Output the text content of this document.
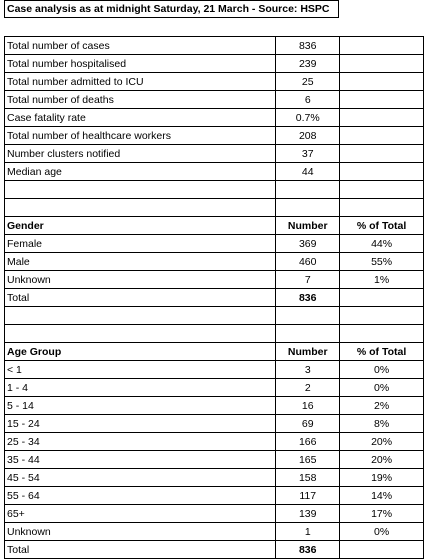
Case analysis as at midnight Saturday, 21 March - Source: HSPC
Total number of cases	836	
Total number hospitalised	239	
Total number admitted to ICU	25	
Total number of deaths	6	
Case fatality rate	0.7%	
Total number of healthcare workers	208	
Number clusters notified	37	
Median age	44	

Gender	Number	% of Total
Female	369	44%
Male	460	55%
Unknown	7	1%
Total	836	

Age Group	Number	% of Total
< 1	3	0%
1 - 4	2	0%
5 - 14	16	2%
15 - 24	69	8%
25 - 34	166	20%
35 - 44	165	20%
45 - 54	158	19%
55 - 64	117	14%
65+	139	17%
Unknown	1	0%
Total	836	
